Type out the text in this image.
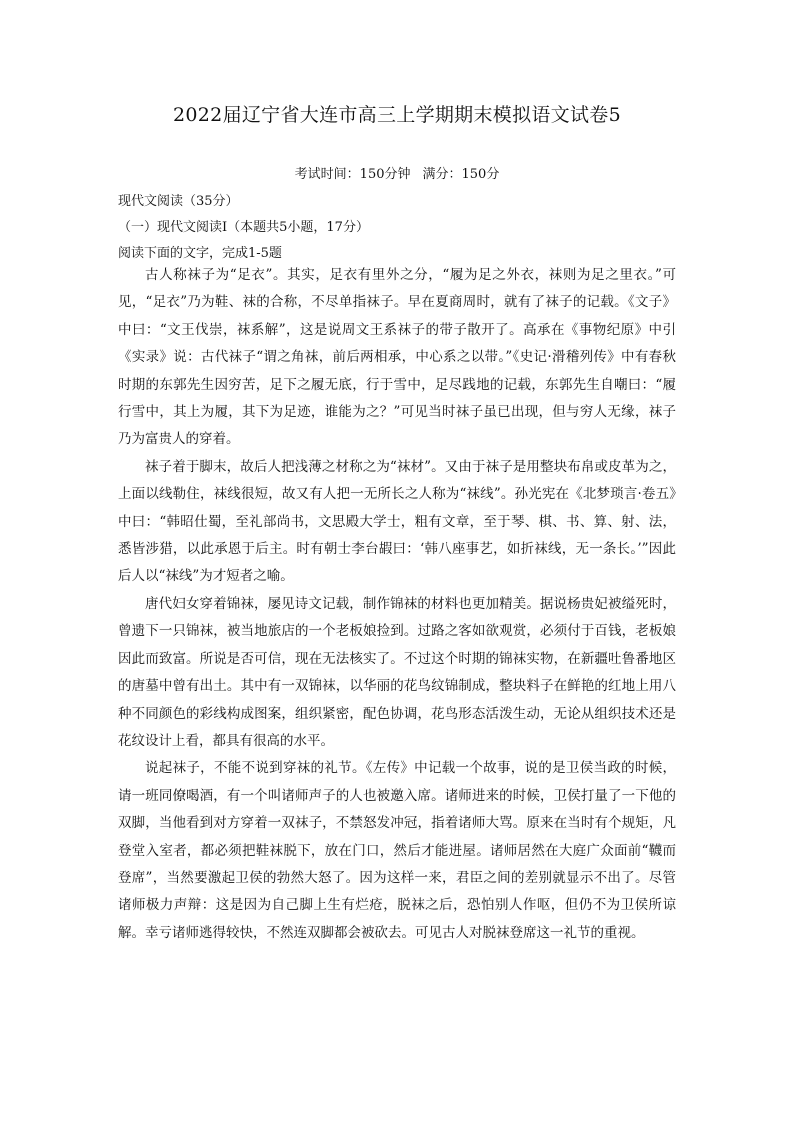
2022届辽宁省大连市高三上学期期末模拟语文试卷5
考试时间：150分钟 满分：150分
现代文阅读（35分）
（一）现代文阅读Ⅰ（本题共5小题，17分）
阅读下面的文字，完成1-5题

古人称袜子为“足衣”。其实，足衣有里外之分，“履为足之外衣，袜则为足之里衣。”可见，“足衣”乃为鞋、袜的合称，不尽单指袜子。早在夏商周时，就有了袜子的记载。《文子》中曰：“文王伐崇，袜系解”，这是说周文王系袜子的带子散开了。高承在《事物纪原》中引《实录》说：古代袜子“谓之角袜，前后两相承，中心系之以带。”《史记·滑稽列传》中有春秋时期的东郭先生因穷苦，足下之履无底，行于雪中，足尽践地的记载，东郭先生自嘲曰：“履行雪中，其上为履，其下为足迹，谁能为之？”可见当时袜子虽已出现，但与穷人无缘，袜子乃为富贵人的穿着。

袜子着于脚末，故后人把浅薄之材称之为“袜材”。又由于袜子是用整块布帛或皮革为之，上面以线勒住，袜线很短，故又有人把一无所长之人称为“袜线”。孙光宪在《北梦琐言·卷五》中曰：“韩昭仕蜀，至礼部尚书，文思殿大学士，粗有文章，至于琴、棋、书、算、射、法，悉皆涉猎，以此承恩于后主。时有朝士李台嘏曰：‘韩八座事艺，如折袜线，无一条长。’”因此后人以“袜线”为才短者之喻。

唐代妇女穿着锦袜，屡见诗文记载，制作锦袜的材料也更加精美。据说杨贵妃被缢死时，曾遗下一只锦袜，被当地旅店的一个老板娘捡到。过路之客如欲观赏，必须付于百钱，老板娘因此而致富。所说是否可信，现在无法核实了。不过这个时期的锦袜实物，在新疆吐鲁番地区的唐墓中曾有出土。其中有一双锦袜，以华丽的花鸟纹锦制成，整块料子在鲜艳的红地上用八种不同颜色的彩线构成图案，组织紧密，配色协调，花鸟形态活泼生动，无论从组织技术还是花纹设计上看，都具有很高的水平。

说起袜子，不能不说到穿袜的礼节。《左传》中记载一个故事，说的是卫侯当政的时候，请一班同僚喝酒，有一个叫诸师声子的人也被邀入席。诸师进来的时候，卫侯打量了一下他的双脚，当他看到对方穿着一双袜子，不禁怒发冲冠，指着诸师大骂。原来在当时有个规矩，凡登堂入室者，都必须把鞋袜脱下，放在门口，然后才能进屋。诸师居然在大庭广众面前“韈而登席”，当然要激起卫侯的勃然大怒了。因为这样一来，君臣之间的差别就显示不出了。尽管诸师极力声辩：这是因为自己脚上生有烂疮，脱袜之后，恐怕别人作呕，但仍不为卫侯所谅解。幸亏诸师逃得较快，不然连双脚都会被砍去。可见古人对脱袜登席这一礼节的重视。
